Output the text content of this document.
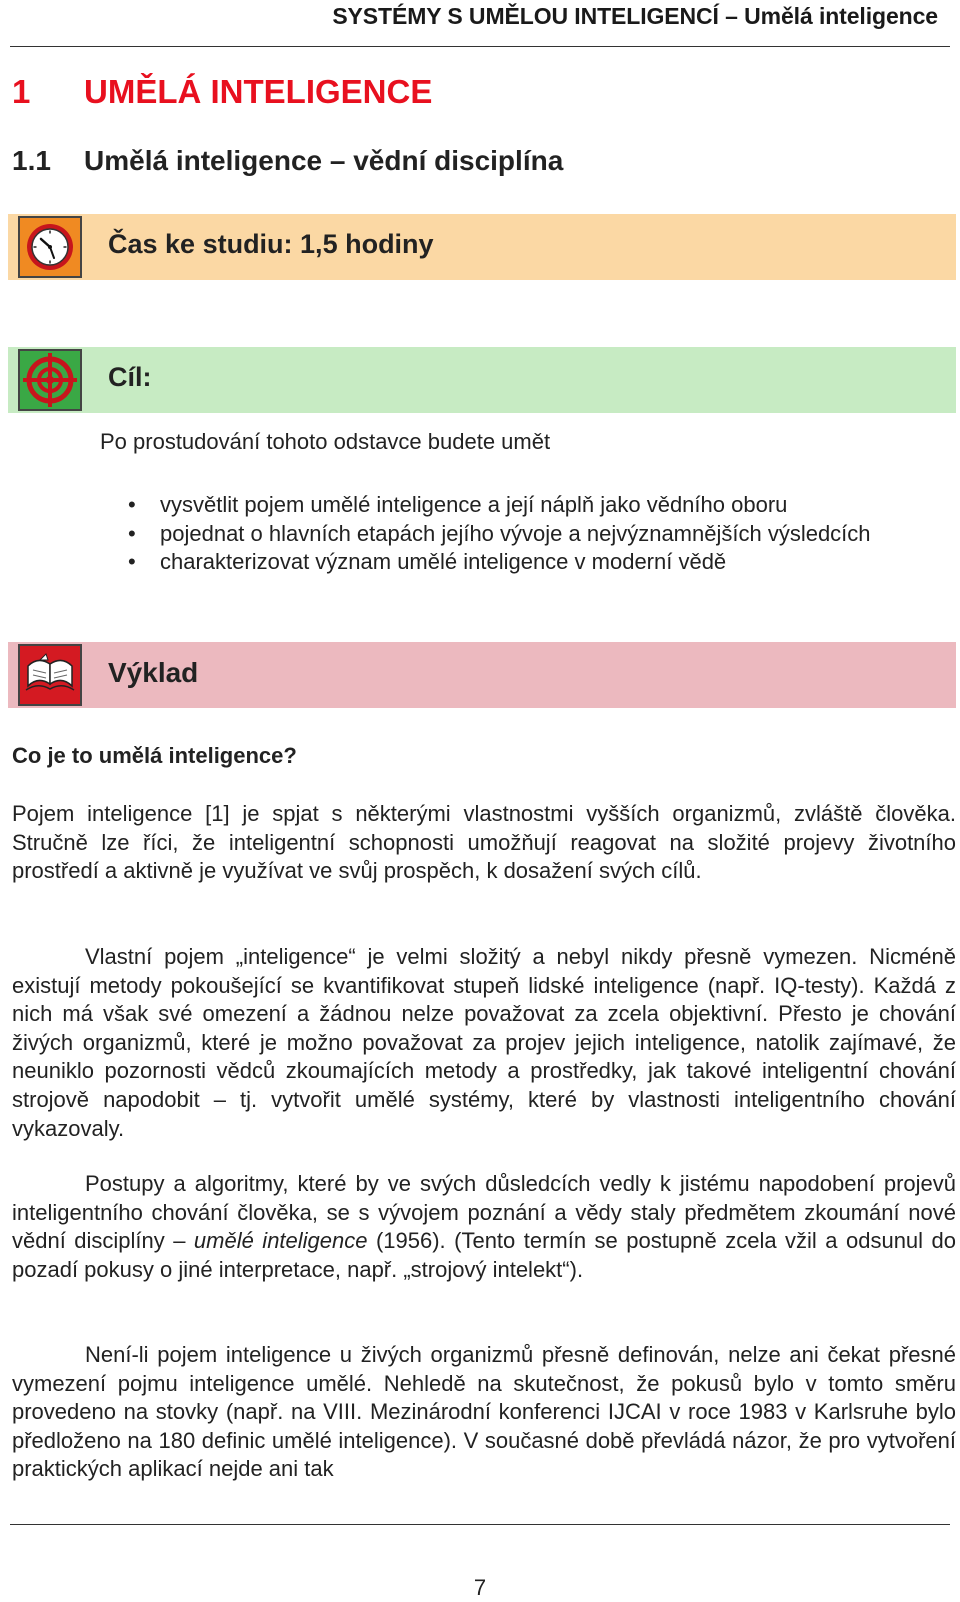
SYSTÉMY S UMĚLOU INTELIGENCÍ – Umělá inteligence
1 UMĚLÁ INTELIGENCE
1.1 Umělá inteligence – vědní disciplína
Čas ke studiu: 1,5 hodiny
Cíl:
Po prostudování tohoto odstavce budete umět
• vysvětlit pojem umělé inteligence a její náplň jako vědního oboru
• pojednat o hlavních etapách jejího vývoje a nejvýznamnějších výsledcích
• charakterizovat význam umělé inteligence v moderní vědě
Výklad
Co je to umělá inteligence?
Pojem inteligence [1] je spjat s některými vlastnostmi vyšších organizmů, zvláště člověka. Stručně lze říci, že inteligentní schopnosti umožňují reagovat na složité projevy životního prostředí a aktivně je využívat ve svůj prospěch, k dosažení svých cílů.
Vlastní pojem „inteligence“ je velmi složitý a nebyl nikdy přesně vymezen. Nicméně existují metody pokoušející se kvantifikovat stupeň lidské inteligence (např. IQ-testy). Každá z nich má však své omezení a žádnou nelze považovat za zcela objektivní. Přesto je chování živých organizmů, které je možno považovat za projev jejich inteligence, natolik zajímavé, že neuniklo pozornosti vědců zkoumajících metody a prostředky, jak takové inteligentní chování strojově napodobit – tj. vytvořit umělé systémy, které by vlastnosti inteligentního chování vykazovaly.
Postupy a algoritmy, které by ve svých důsledcích vedly k jistému napodobení projevů inteligentního chování člověka, se s vývojem poznání a vědy staly předmětem zkoumání nové vědní disciplíny – umělé inteligence (1956). (Tento termín se postupně zcela vžil a odsunul do pozadí pokusy o jiné interpretace, např. „strojový intelekt“).
Není-li pojem inteligence u živých organizmů přesně definován, nelze ani čekat přesné vymezení pojmu inteligence umělé. Nehledě na skutečnost, že pokusů bylo v tomto směru provedeno na stovky (např. na VIII. Mezinárodní konferenci IJCAI v roce 1983 v Karlsruhe bylo předloženo na 180 definic umělé inteligence). V současné době převládá názor, že pro vytvoření praktických aplikací nejde ani tak
7
